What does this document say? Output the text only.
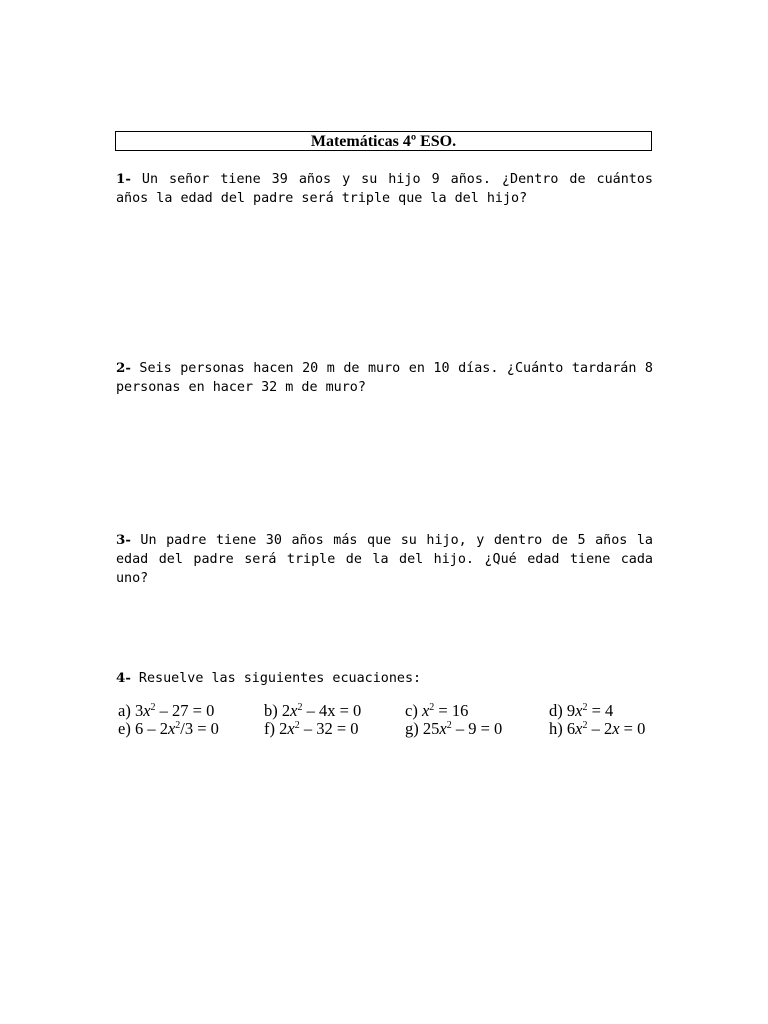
Matemáticas 4º ESO.
1- Un señor tiene 39 años y su hijo 9 años. ¿Dentro de cuántos años la edad del padre será triple que la del hijo?
2- Seis personas hacen 20 m de muro en 10 días. ¿Cuánto tardarán 8 personas en hacer 32 m de muro?
3- Un padre tiene 30 años más que su hijo, y dentro de 5 años la edad del padre será triple de la del hijo. ¿Qué edad tiene cada uno?
4- Resuelve las siguientes ecuaciones:
a) $3x^2 - 27 = 0$	b) $2x^2 - 4x = 0$	c) $x^2 = 16$	d) $9x^2 = 4$
e) $6 - 2x^2/3 = 0$	f) $2x^2 - 32 = 0$	g) $25x^2 - 9 = 0$	h) $6x^2 - 2x = 0$
